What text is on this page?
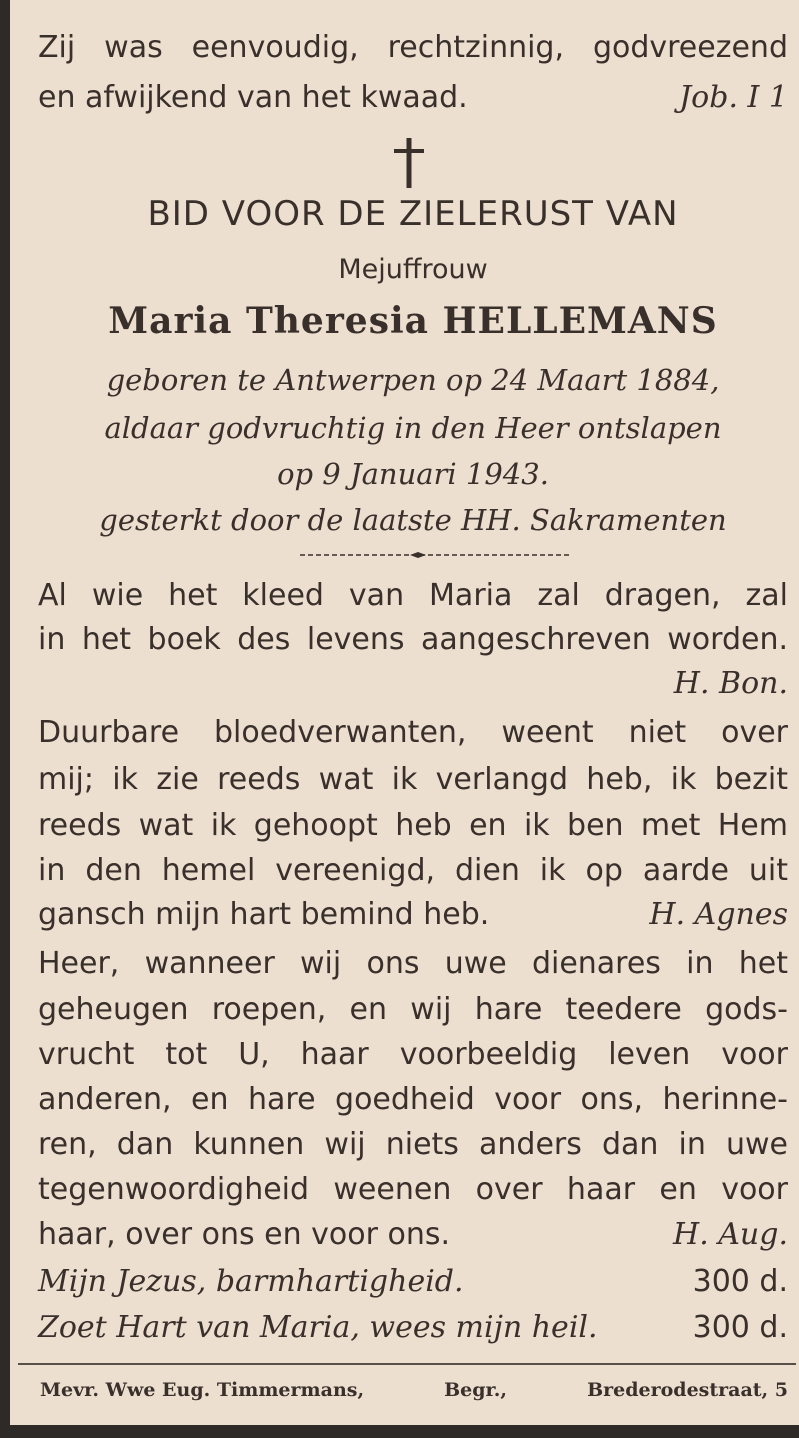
Zij was eenvoudig, rechtzinnig, godvreezend
en afwijkend van het kwaad.	Job. I 1
BID VOOR DE ZIELERUST VAN
Mejuffrouw
Maria Theresia HELLEMANS
geboren te Antwerpen op 24 Maart 1884,
aldaar godvruchtig in den Heer ontslapen
op 9 Januari 1943.
gesterkt door de laatste HH. Sakramenten
Al wie het kleed van Maria zal dragen, zal
in het boek des levens aangeschreven worden.
H. Bon.
Duurbare bloedverwanten, weent niet over
mij; ik zie reeds wat ik verlangd heb, ik bezit
reeds wat ik gehoopt heb en ik ben met Hem
in den hemel vereenigd, dien ik op aarde uit
gansch mijn hart bemind heb.	H. Agnes
Heer, wanneer wij ons uwe dienares in het
geheugen roepen, en wij hare teedere gods-
vrucht tot U, haar voorbeeldig leven voor
anderen, en hare goedheid voor ons, herinne-
ren, dan kunnen wij niets anders dan in uwe
tegenwoordigheid weenen over haar en voor
haar, over ons en voor ons.	H. Aug.
Mijn Jezus, barmhartigheid.	300 d.
Zoet Hart van Maria, wees mijn heil.	300 d.
Mevr. Wwe Eug. Timmermans,	Begr.,	Brederodestraat, 5
